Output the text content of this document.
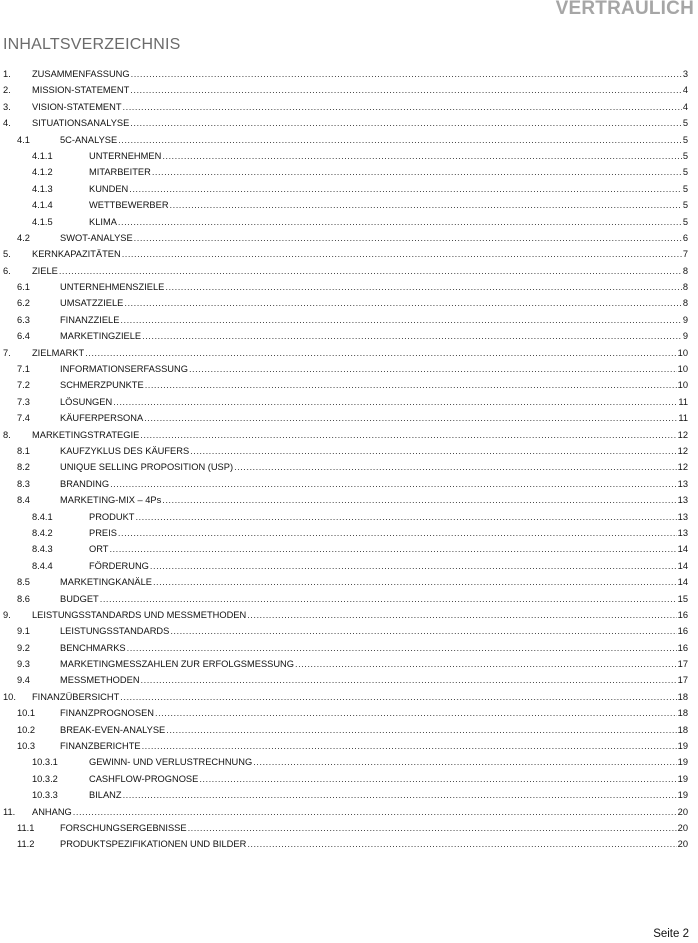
VERTRAULICH
INHALTSVERZEICHNIS
1.	ZUSAMMENFASSUNG .....	3
2.	MISSION-STATEMENT .....	4
3.	VISION-STATEMENT .....	4
4.	SITUATIONSANALYSE .....	5
4.1	5C-ANALYSE .....	5
4.1.1	UNTERNEHMEN .....	5
4.1.2	MITARBEITER .....	5
4.1.3	KUNDEN .....	5
4.1.4	WETTBEWERBER .....	5
4.1.5	KLIMA .....	5
4.2	SWOT-ANALYSE .....	6
5.	KERNKAPAZITÄTEN .....	7
6.	ZIELE .....	8
6.1	UNTERNEHMENSZIELE .....	8
6.2	UMSATZZIELE .....	8
6.3	FINANZZIELE .....	9
6.4	MARKETINGZIELE .....	9
7.	ZIELMARKT .....	10
7.1	INFORMATIONSERFASSUNG .....	10
7.2	SCHMERZPUNKTE .....	10
7.3	LÖSUNGEN .....	11
7.4	KÄUFERPERSONA .....	11
8.	MARKETINGSTRATEGIE .....	12
8.1	KAUFZYKLUS DES KÄUFERS .....	12
8.2	UNIQUE SELLING PROPOSITION (USP) .....	12
8.3	BRANDING .....	13
8.4	MARKETING-MIX – 4Ps .....	13
8.4.1	PRODUKT .....	13
8.4.2	PREIS .....	13
8.4.3	ORT .....	14
8.4.4	FÖRDERUNG .....	14
8.5	MARKETINGKANÄLE .....	14
8.6	BUDGET .....	15
9.	LEISTUNGSSTANDARDS UND MESSMETHODEN .....	16
9.1	LEISTUNGSSTANDARDS .....	16
9.2	BENCHMARKS .....	16
9.3	MARKETINGMESSZAHLEN ZUR ERFOLGSMESSUNG .....	17
9.4	MESSMETHODEN .....	17
10.	FINANZÜBERSICHT .....	18
10.1	FINANZPROGNOSEN .....	18
10.2	BREAK-EVEN-ANALYSE .....	18
10.3	FINANZBERICHTE .....	19
10.3.1	GEWINN- UND VERLUSTRECHNUNG .....	19
10.3.2	CASHFLOW-PROGNOSE .....	19
10.3.3	BILANZ .....	19
11.	ANHANG .....	20
11.1	FORSCHUNGSERGEBNISSE .....	20
11.2	PRODUKTSPEZIFIKATIONEN UND BILDER .....	20
Seite 2
